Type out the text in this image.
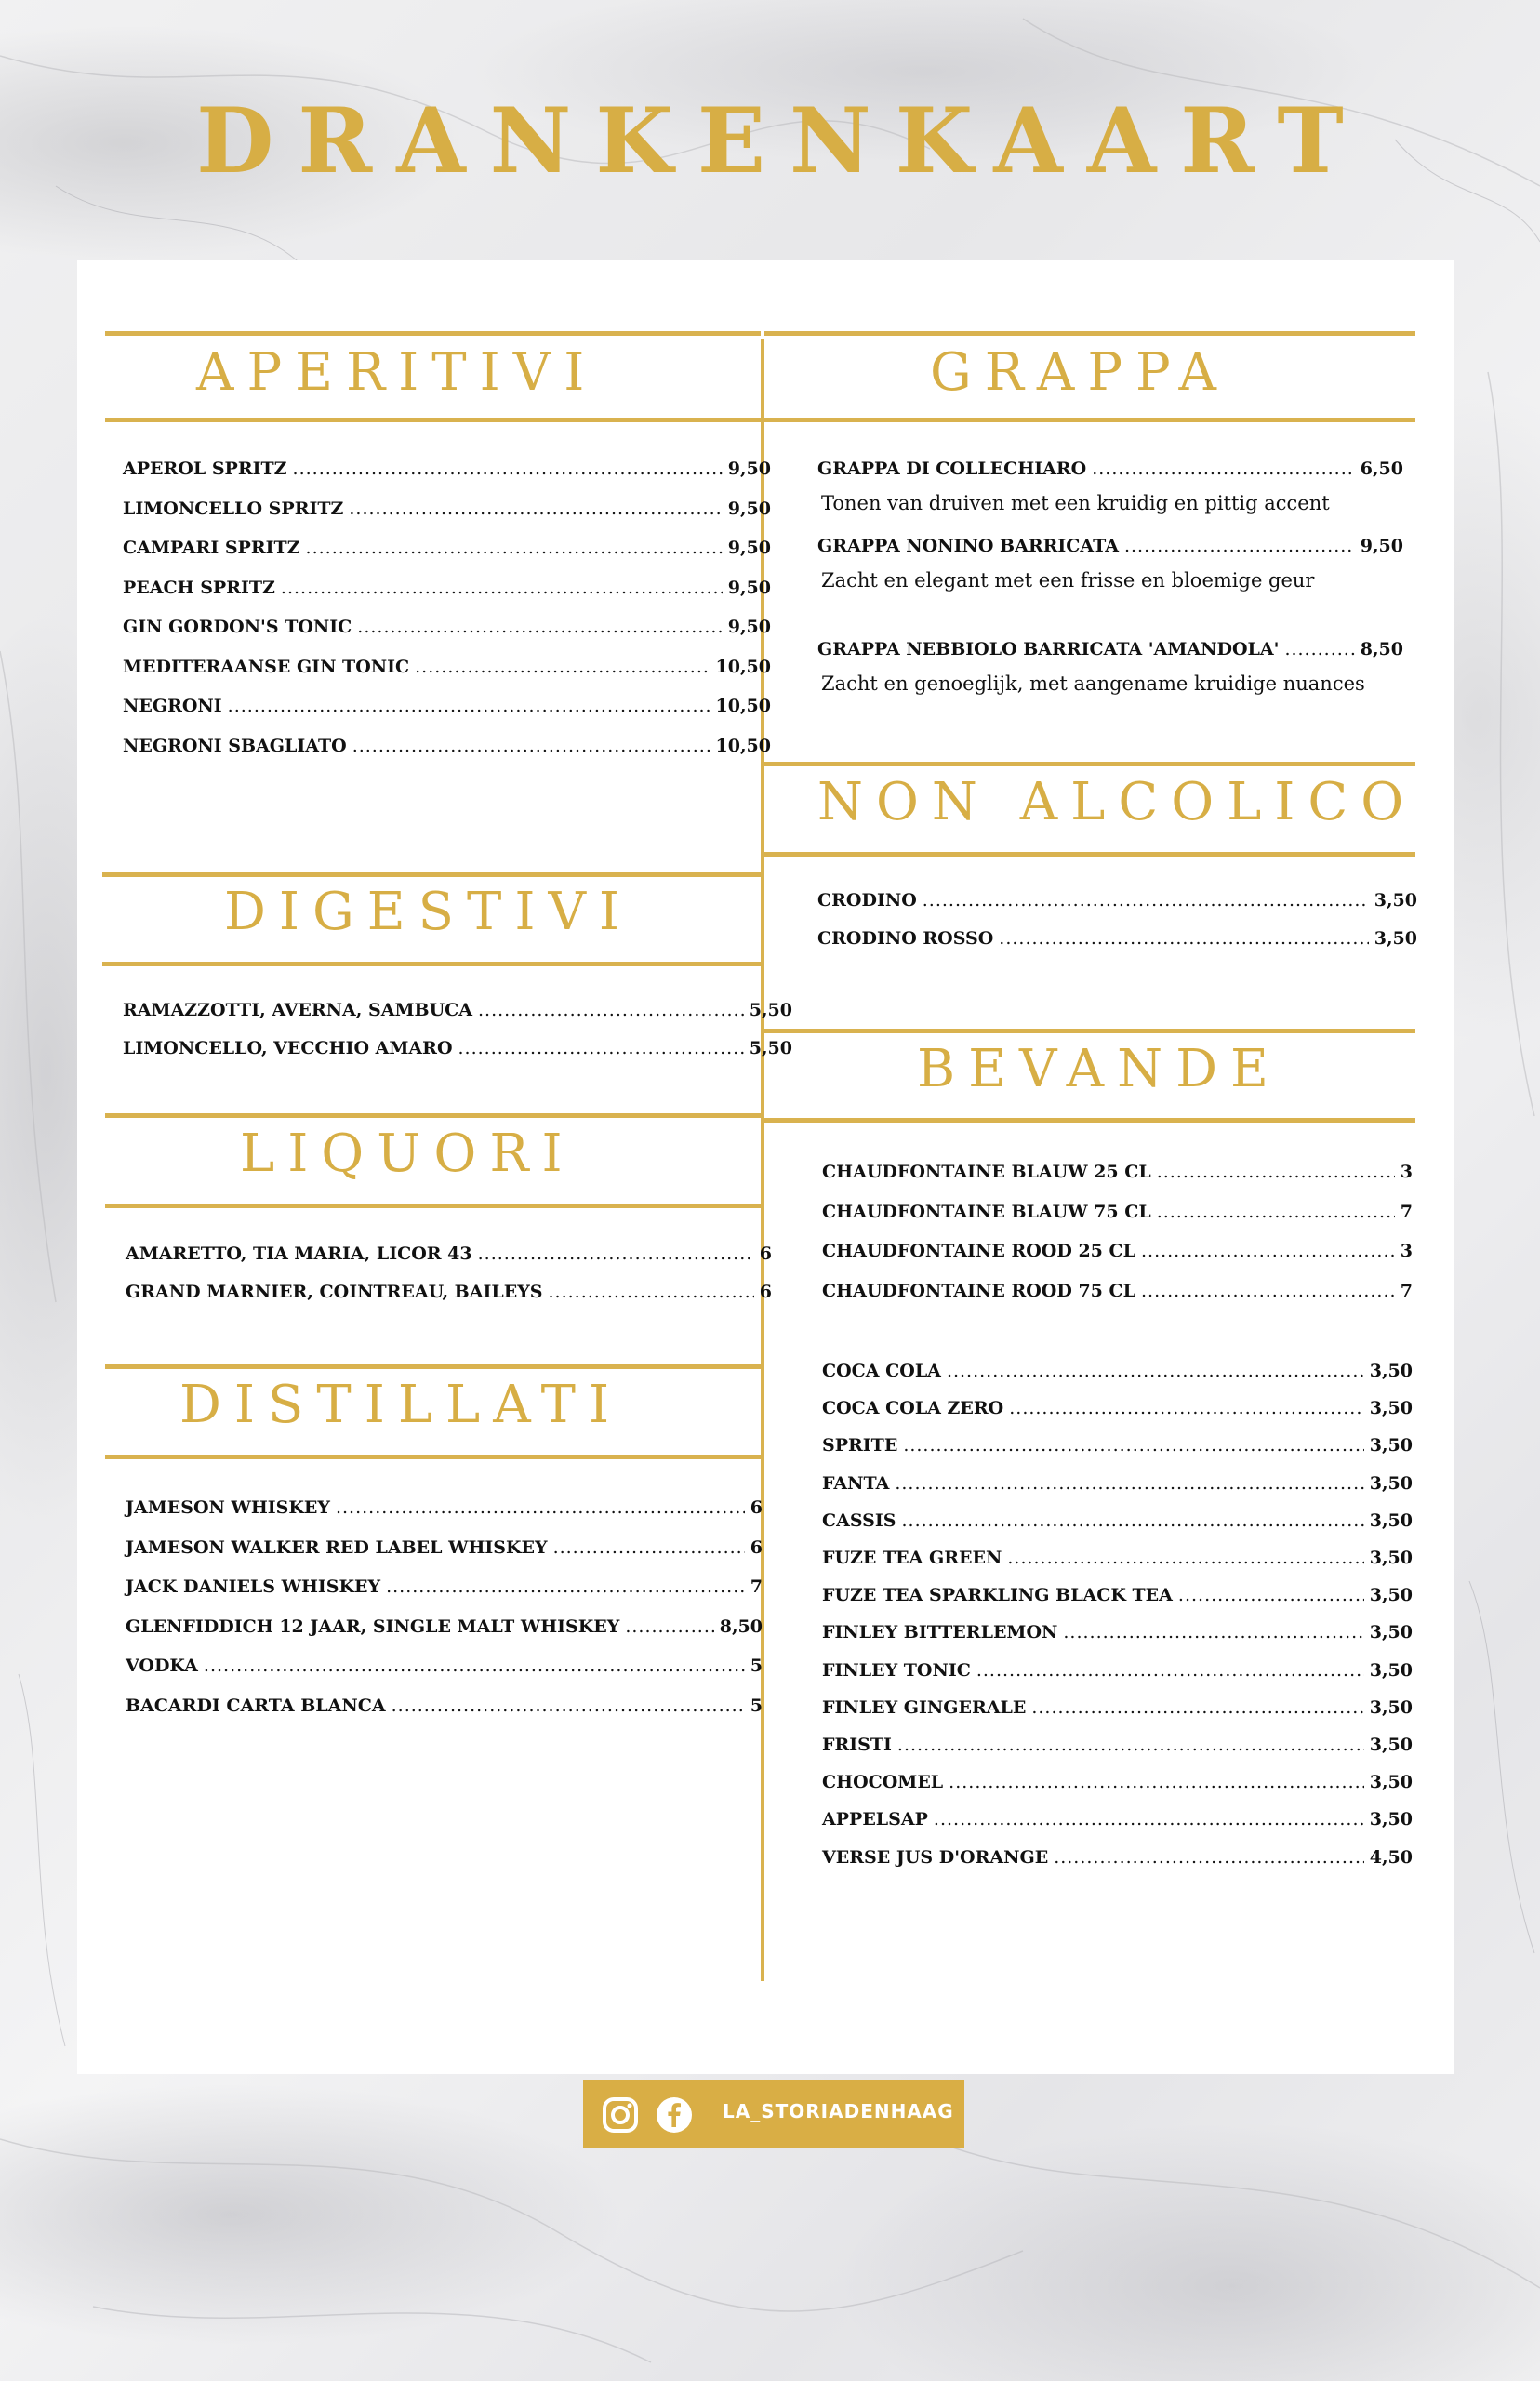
DRANKENKAART
APERITIVI	GRAPPA
DIGESTIVI
LIQUORI
DISTILLATI
NON ALCOLICO
BEVANDE
APEROL SPRITZ .....	9,50
LIMONCELLO SPRITZ .....	9,50
CAMPARI SPRITZ .....	9,50
PEACH SPRITZ .....	9,50
GIN GORDON'S TONIC .....	9,50
MEDITERAANSE GIN TONIC .....	10,50
NEGRONI .....	10,50
NEGRONI SBAGLIATO .....	10,50
RAMAZZOTTI, AVERNA, SAMBUCA .....	5,50
LIMONCELLO, VECCHIO AMARO .....	5,50
AMARETTO, TIA MARIA, LICOR 43 .....	6
GRAND MARNIER, COINTREAU, BAILEYS .....	6
JAMESON WHISKEY .....	6
JAMESON WALKER RED LABEL WHISKEY .....	6
JACK DANIELS WHISKEY .....	7
GLENFIDDICH 12 JAAR, SINGLE MALT WHISKEY .....	8,50
VODKA .....	5
BACARDI CARTA BLANCA .....	5
GRAPPA DI COLLECHIARO .....	6,50
Tonen van druiven met een kruidig en pittig accent
GRAPPA NONINO BARRICATA .....	9,50
Zacht en elegant met een frisse en bloemige geur
GRAPPA NEBBIOLO BARRICATA 'AMANDOLA' .....	8,50
Zacht en genoeglijk, met aangename kruidige nuances
CRODINO .....	3,50
CRODINO ROSSO .....	3,50
CHAUDFONTAINE BLAUW 25 CL .....	3
CHAUDFONTAINE BLAUW 75 CL .....	7
CHAUDFONTAINE ROOD 25 CL .....	3
CHAUDFONTAINE ROOD 75 CL .....	7
COCA COLA .....	3,50
COCA COLA ZERO .....	3,50
SPRITE .....	3,50
FANTA .....	3,50
CASSIS .....	3,50
FUZE TEA GREEN .....	3,50
FUZE TEA SPARKLING BLACK TEA .....	3,50
FINLEY BITTERLEMON .....	3,50
FINLEY TONIC .....	3,50
FINLEY GINGERALE .....	3,50
FRISTI .....	3,50
CHOCOMEL .....	3,50
APPELSAP .....	3,50
VERSE JUS D'ORANGE .....	4,50
LA_STORIADENHAAG
